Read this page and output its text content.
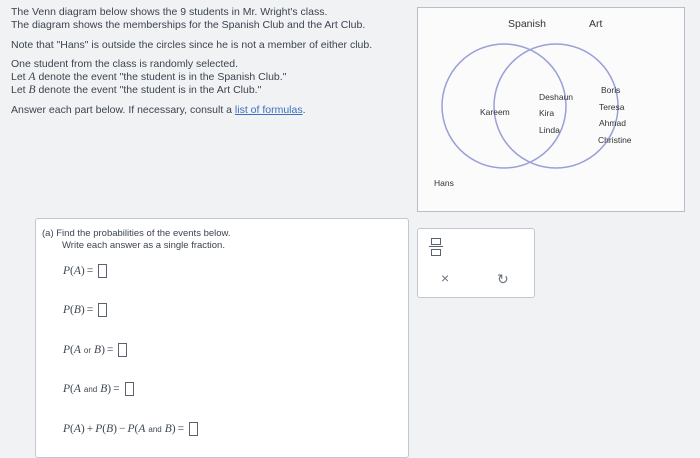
The Venn diagram below shows the 9 students in Mr. Wright's class.

The diagram shows the memberships for the Spanish Club and the Art Club.

Note that "Hans" is outside the circles since he is not a member of either club.

One student from the class is randomly selected.

Let A denote the event "the student is in the Spanish Club."

Let B denote the event "the student is in the Art Club."

Answer each part below. If necessary, consult a list of formulas.

Spanish	Art
Kareem
Deshaun
Kira
Linda
Boris
Teresa
Ahmad
Christine
Hans
(a) Find the probabilities of the events below.
Write each answer as a single fraction.
P ( A ) =
P ( B ) =
P ( A or B ) =
P ( A and B ) =
P ( A ) + P ( B ) − P ( A and B ) =
×	↻
